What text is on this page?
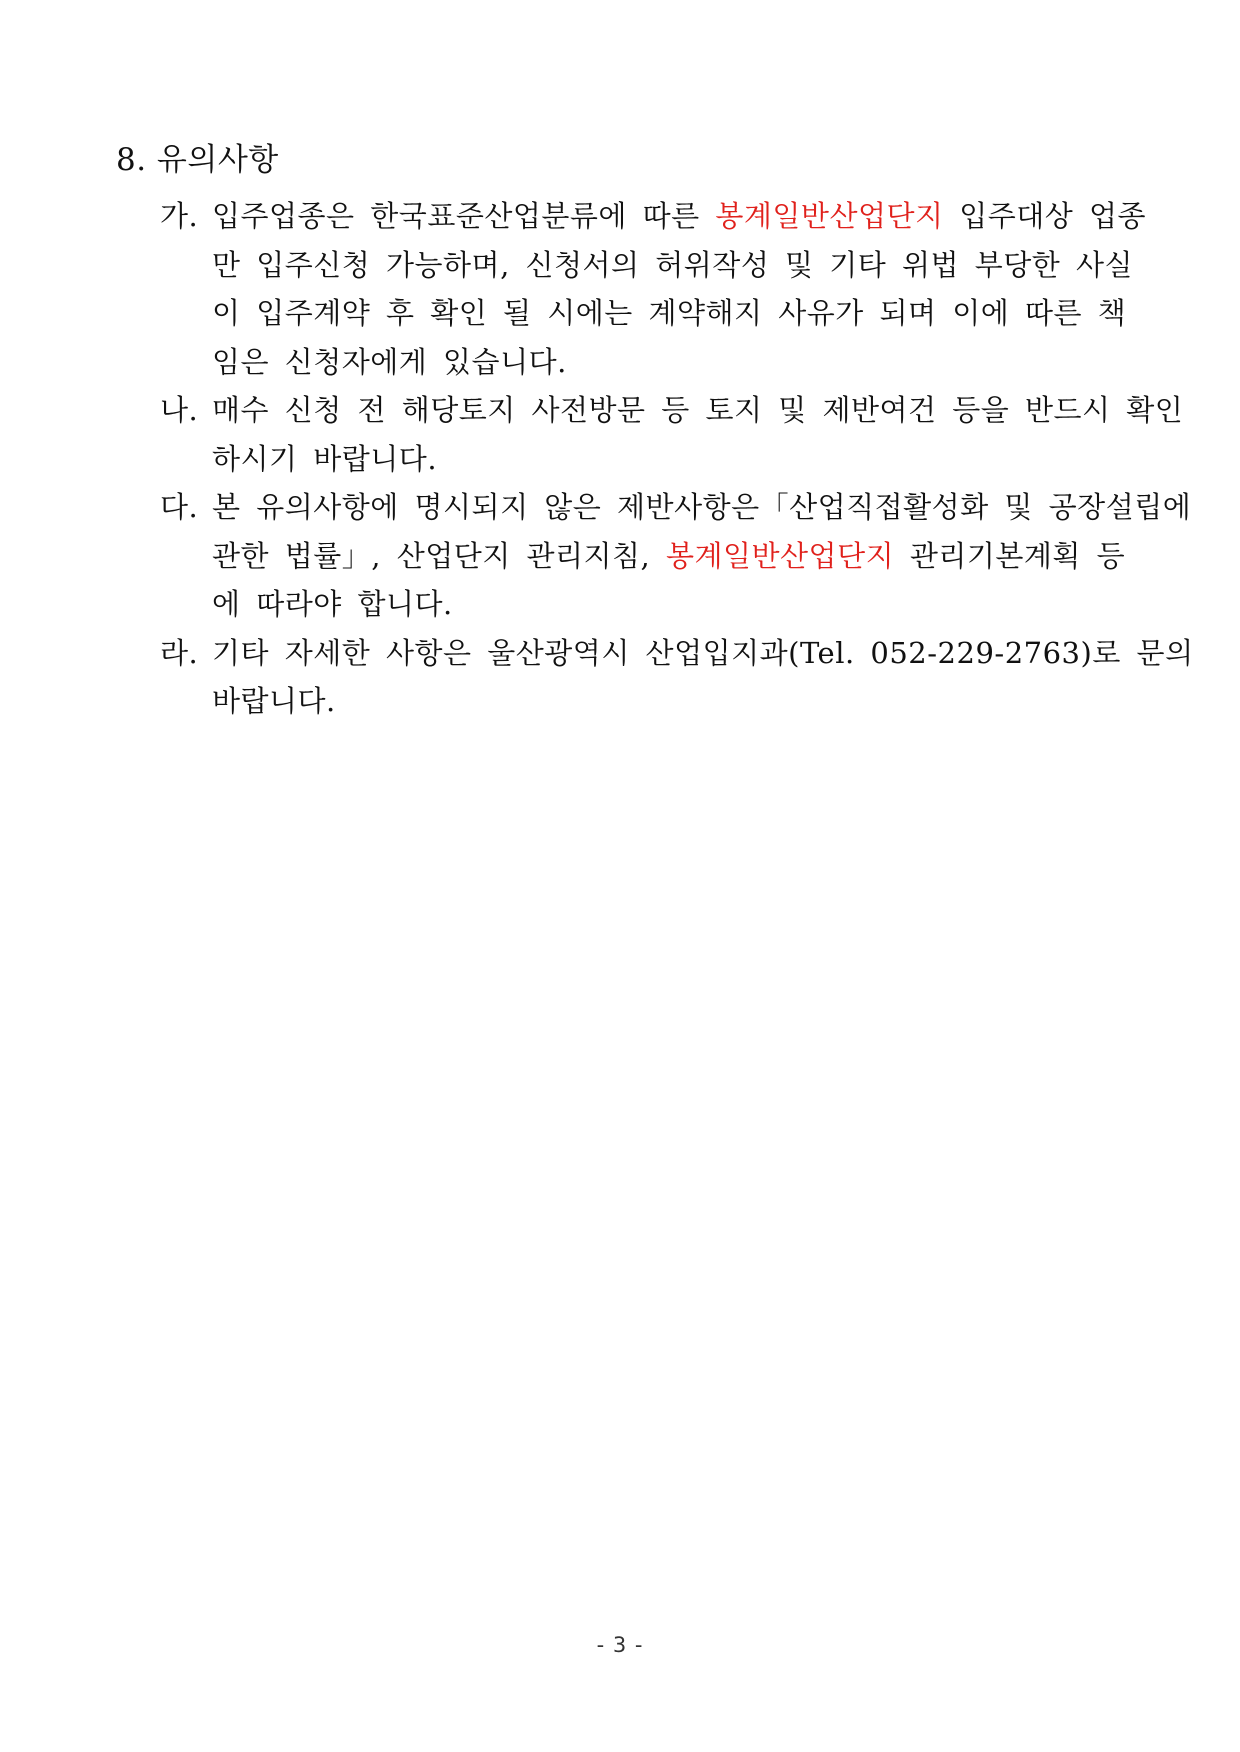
8. 유의사항
가. 입주업종은 한국표준산업분류에 따른 봉계일반산업단지 입주대상 업종
만 입주신청 가능하며, 신청서의 허위작성 및 기타 위법 부당한 사실
이 입주계약 후 확인 될 시에는 계약해지 사유가 되며 이에 따른 책
임은 신청자에게 있습니다.
나. 매수 신청 전 해당토지 사전방문 등 토지 및 제반여건 등을 반드시 확인
하시기 바랍니다.
다. 본 유의사항에 명시되지 않은 제반사항은「산업직접활성화 및 공장설립에
관한 법률」, 산업단지 관리지침, 봉계일반산업단지 관리기본계획 등
에 따라야 합니다.
라. 기타 자세한 사항은 울산광역시 산업입지과(Tel. 052-229-2763)로 문의
바랍니다.
- 3 -
